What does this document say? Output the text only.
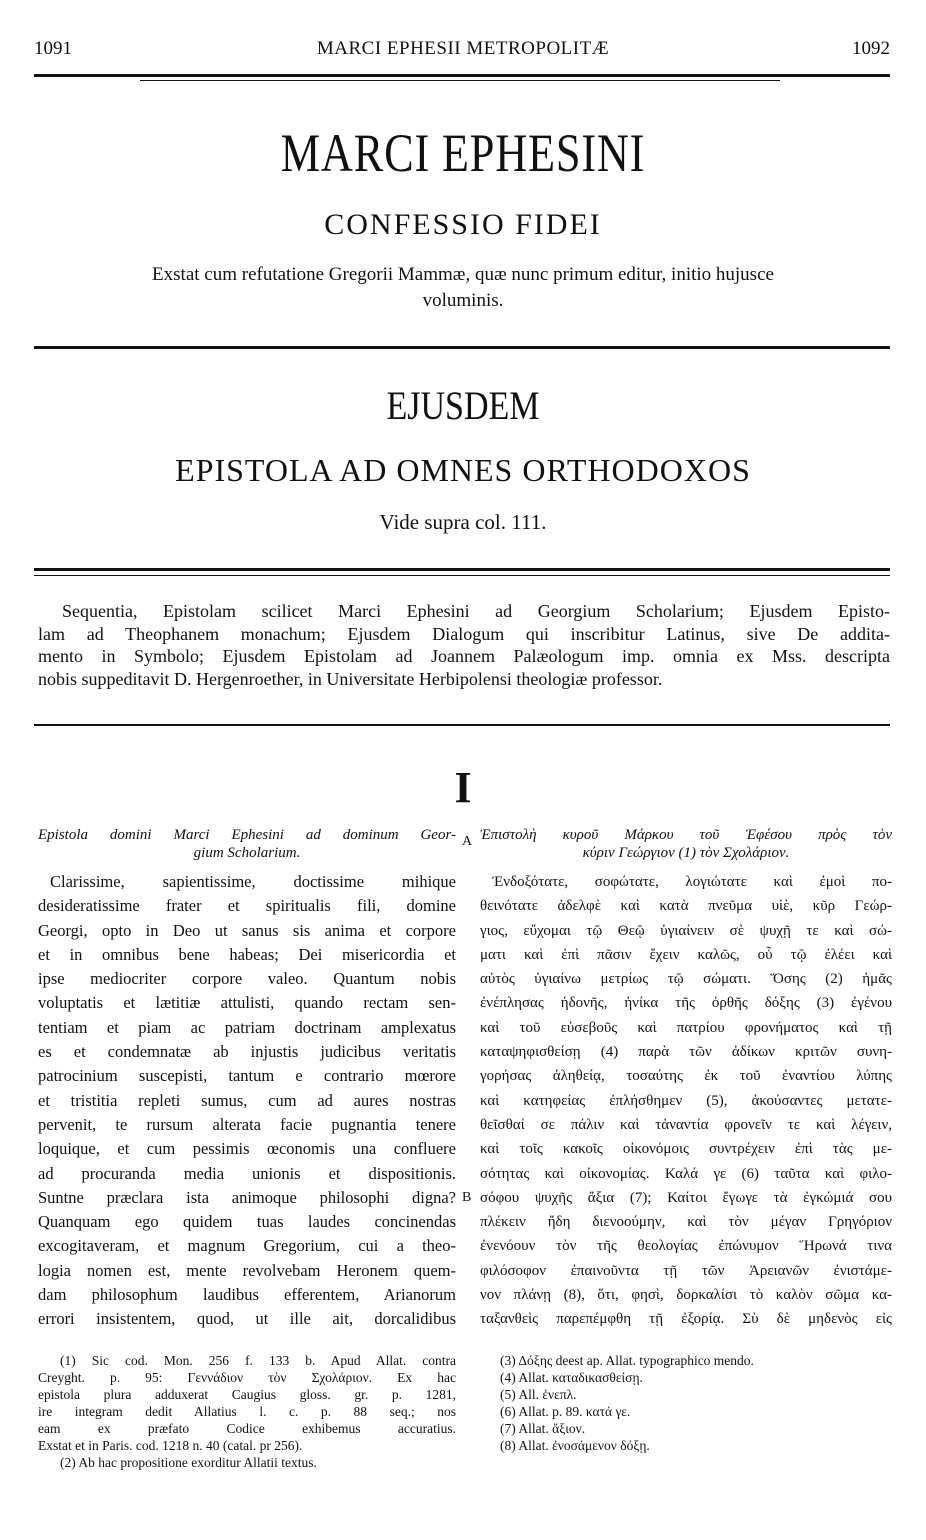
1091	MARCI EPHESII METROPOLITÆ	1092
MARCI EPHESINI
CONFESSIO FIDEI
Exstat cum refutatione Gregorii Mammæ, quæ nunc primum editur, initio hujusce
voluminis.
EJUSDEM
EPISTOLA AD OMNES ORTHODOXOS
Vide supra col. 111.
Sequentia, Epistolam scilicet Marci Ephesini ad Georgium Scholarium; Ejusdem Episto-
lam ad Theophanem monachum; Ejusdem Dialogum qui inscribitur Latinus, sive De addita-
mento in Symbolo; Ejusdem Epistolam ad Joannem Palæologum imp. omnia ex Mss. descripta
nobis suppeditavit D. Hergenroether, in Universitate Herbipolensi theologiæ professor.
I
Epistola domini Marci Ephesini ad dominum Geor-
gium Scholarium.
Clarissime, sapientissime, doctissime mihique
desideratissime frater et spiritualis fili, domine
Georgi, opto in Deo ut sanus sis anima et corpore
et in omnibus bene habeas; Dei misericordia et
ipse mediocriter corpore valeo. Quantum nobis
voluptatis et lætitiæ attulisti, quando rectam sen-
tentiam et piam ac patriam doctrinam amplexatus
es et condemnatæ ab injustis judicibus veritatis
patrocinium suscepisti, tantum e contrario mœrore
et tristitia repleti sumus, cum ad aures nostras
pervenit, te rursum alterata facie pugnantia tenere
loquique, et cum pessimis œconomis una confluere
ad procuranda media unionis et dispositionis.
Suntne præclara ista animoque philosophi digna?
Quanquam ego quidem tuas laudes concinendas
excogitaveram, et magnum Gregorium, cui a theo-
logia nomen est, mente revolvebam Heronem quem-
dam philosophum laudibus efferentem, Arianorum
errori insistentem, quod, ut ille ait, dorcalidibus
A
B
Ἐπιστολὴ κυροῦ Μάρκου τοῦ Ἐφέσου πρὸς τὸν
κύριν Γεώργιον (1) τὸν Σχολάριον.
Ἐνδοξότατε, σοφώτατε, λογιώτατε καὶ ἐμοὶ πο-
θεινότατε ἀδελφὲ καὶ κατὰ πνεῦμα υἱὲ, κῦρ Γεώρ-
γιος, εὔχομαι τῷ Θεῷ ὑγιαίνειν σὲ ψυχῇ τε καὶ σώ-
ματι καὶ ἐπὶ πᾶσιν ἔχειν καλῶς, οὗ τῷ ἐλέει καὶ
αὐτὸς ὑγιαίνω μετρίως τῷ σώματι. Ὅσης (2) ἡμᾶς
ἐνέπλησας ἡδονῆς, ἡνίκα τῆς ὀρθῆς δόξης (3) ἐγένου
καὶ τοῦ εὐσεβοῦς καὶ πατρίου φρονήματος καὶ τῇ
καταψηφισθείσῃ (4) παρὰ τῶν ἀδίκων κριτῶν συνη-
γορήσας ἀληθείᾳ, τοσαύτης ἐκ τοῦ ἐναντίου λύπης
καὶ κατηφείας ἐπλήσθημεν (5), ἀκούσαντες μετατε-
θεῖσθαί σε πάλιν καὶ τἀναντία φρονεῖν τε καὶ λέγειν,
καὶ τοῖς κακοῖς οἰκονόμοις συντρέχειν ἐπὶ τὰς με-
σότητας καὶ οἰκονομίας. Καλά γε (6) ταῦτα καὶ φιλο-
σόφου ψυχῆς ἄξια (7); Καίτοι ἔγωγε τὰ ἐγκώμιά σου
πλέκειν ἤδη διενοούμην, καὶ τὸν μέγαν Γρηγόριον
ἐνενόουν τὸν τῆς θεολογίας ἐπώνυμον Ἥρωνά τινα
φιλόσοφον ἐπαινοῦντα τῇ τῶν Ἀρειανῶν ἐνιστάμε-
νον πλάνῃ (8), ὅτι, φησὶ, δορκαλίσι τὸ καλὸν σῶμα κα-
ταξανθεὶς παρεπέμφθη τῇ ἐξορίᾳ. Σὺ δὲ μηδενὸς εἰς
(1) Sic cod. Mon. 256 f. 133 b. Apud Allat. contra
Creyght. p. 95: Γεννάδιον τὸν Σχολάριον. Ex hac
epistola plura adduxerat Caugius gloss. gr. p. 1281,
ire integram dedit Allatius l. c. p. 88 seq.; nos
eam ex præfato Codice exhibemus accuratius.
Exstat et in Paris. cod. 1218 n. 40 (catal. pr 256).
(2) Ab hac propositione exorditur Allatii textus.
(3) Δόξης deest ap. Allat. typographico mendo.
(4) Allat. καταδικασθείσῃ.
(5) All. ἐνεπλ.
(6) Allat. p. 89. κατά γε.
(7) Allat. ἄξιον.
(8) Allat. ἐνοσάμενον δόξῃ.
